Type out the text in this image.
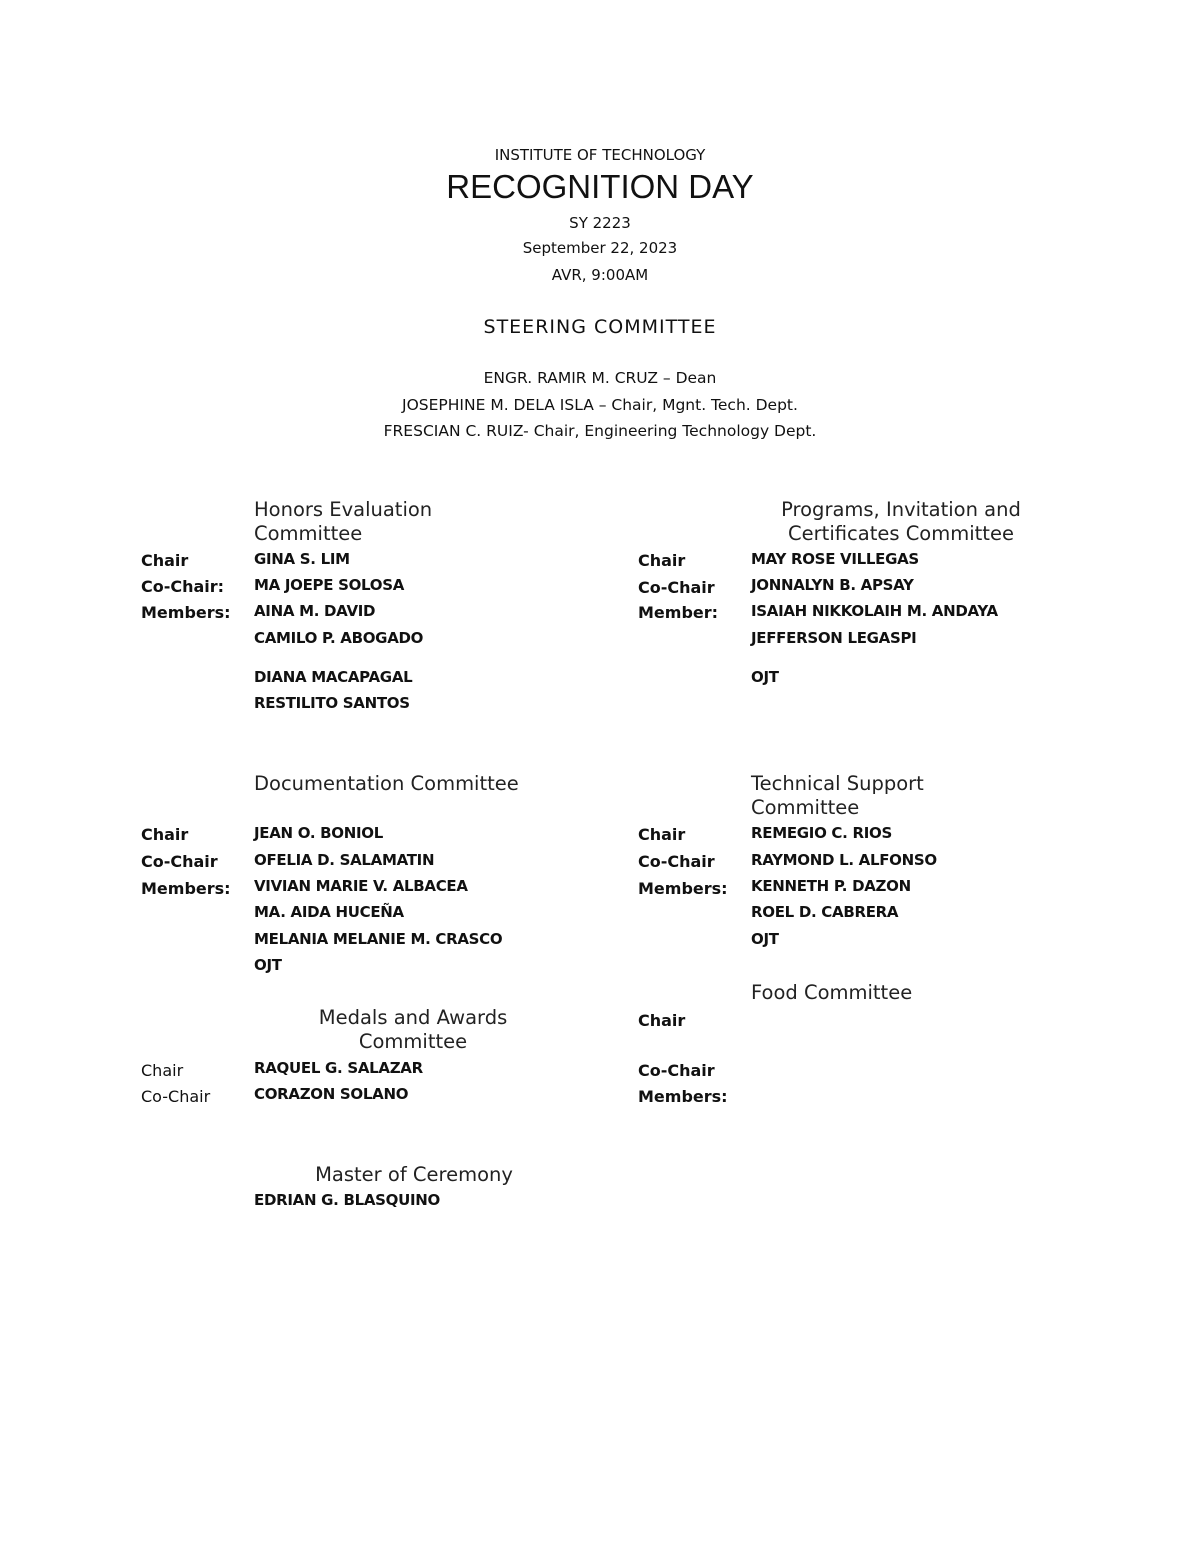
INSTITUTE OF TECHNOLOGY
RECOGNITION DAY
SY 2223
September 22, 2023
AVR, 9:00AM
STEERING COMMITTEE
ENGR. RAMIR M. CRUZ – Dean
JOSEPHINE M. DELA ISLA – Chair, Mgnt. Tech. Dept.
FRESCIAN C. RUIZ- Chair, Engineering Technology Dept.
Honors Evaluation
Committee
Chair
Co-Chair:
Members:
GINA S. LIM
MA JOEPE SOLOSA
AINA M. DAVID
CAMILO P. ABOGADO
DIANA MACAPAGAL
RESTILITO SANTOS
Programs, Invitation and
Certificates Committee
Chair
Co-Chair
Member:
MAY ROSE VILLEGAS
JONNALYN B. APSAY
ISAIAH NIKKOLAIH M. ANDAYA
JEFFERSON LEGASPI
OJT
Documentation Committee
Chair
Co-Chair
Members:
JEAN O. BONIOL
OFELIA D. SALAMATIN
VIVIAN MARIE V. ALBACEA
MA. AIDA HUCEÑA
MELANIA MELANIE M. CRASCO
OJT
Technical Support
Committee
Chair
Co-Chair
Members:
REMEGIO C. RIOS
RAYMOND L. ALFONSO
KENNETH P. DAZON
ROEL D. CABRERA
OJT
Medals and Awards
Committee
Chair
Co-Chair
RAQUEL G. SALAZAR
CORAZON SOLANO
Food Committee
Chair
Co-Chair
Members:
Master of Ceremony
EDRIAN G. BLASQUINO
